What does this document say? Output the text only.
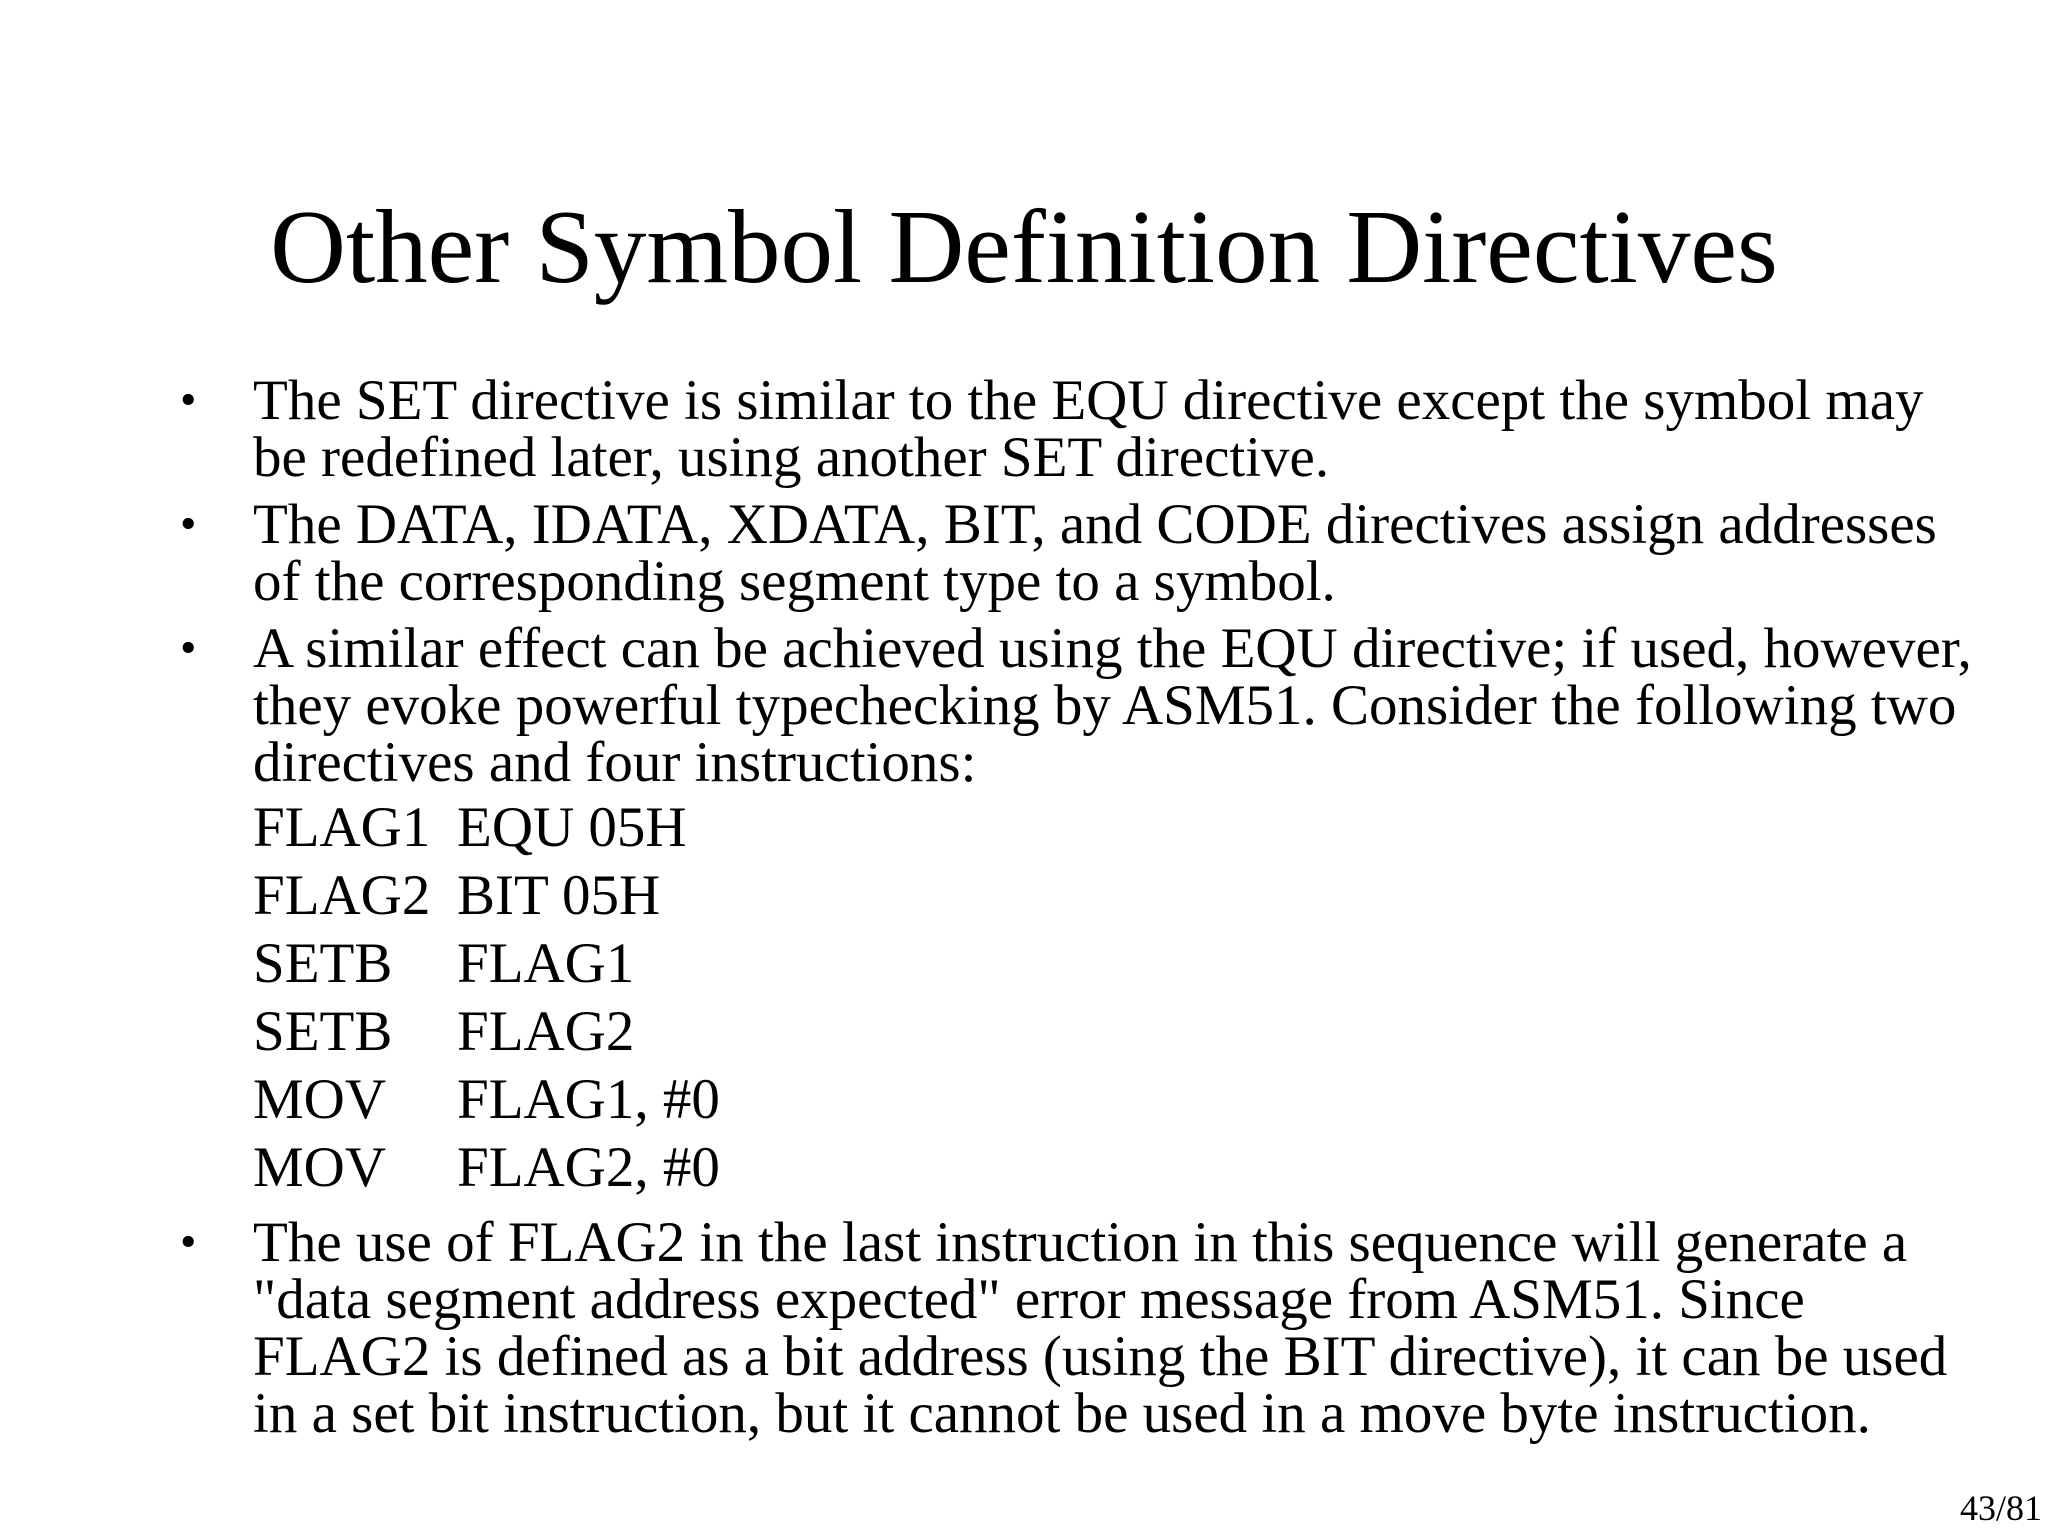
Other Symbol Definition Directives
• The SET directive is similar to the EQU directive except the symbol may be redefined later, using another SET directive.

• The DATA, IDATA, XDATA, BIT, and CODE directives assign addresses of the corresponding segment type to a symbol.

• A similar effect can be achieved using the EQU directive; if used, however, they evoke powerful typechecking by ASM51. Consider the following two directives and four instructions:

FLAG1 EQU 05H
FLAG2 BIT 05H
SETB FLAG1
SETB FLAG2
MOV FLAG1, #0
MOV FLAG2, #0
• The use of FLAG2 in the last instruction in this sequence will generate a "data segment address expected" error message from ASM51. Since FLAG2 is defined as a bit address (using the BIT directive), it can be used in a set bit instruction, but it cannot be used in a move byte instruction.

43/81
